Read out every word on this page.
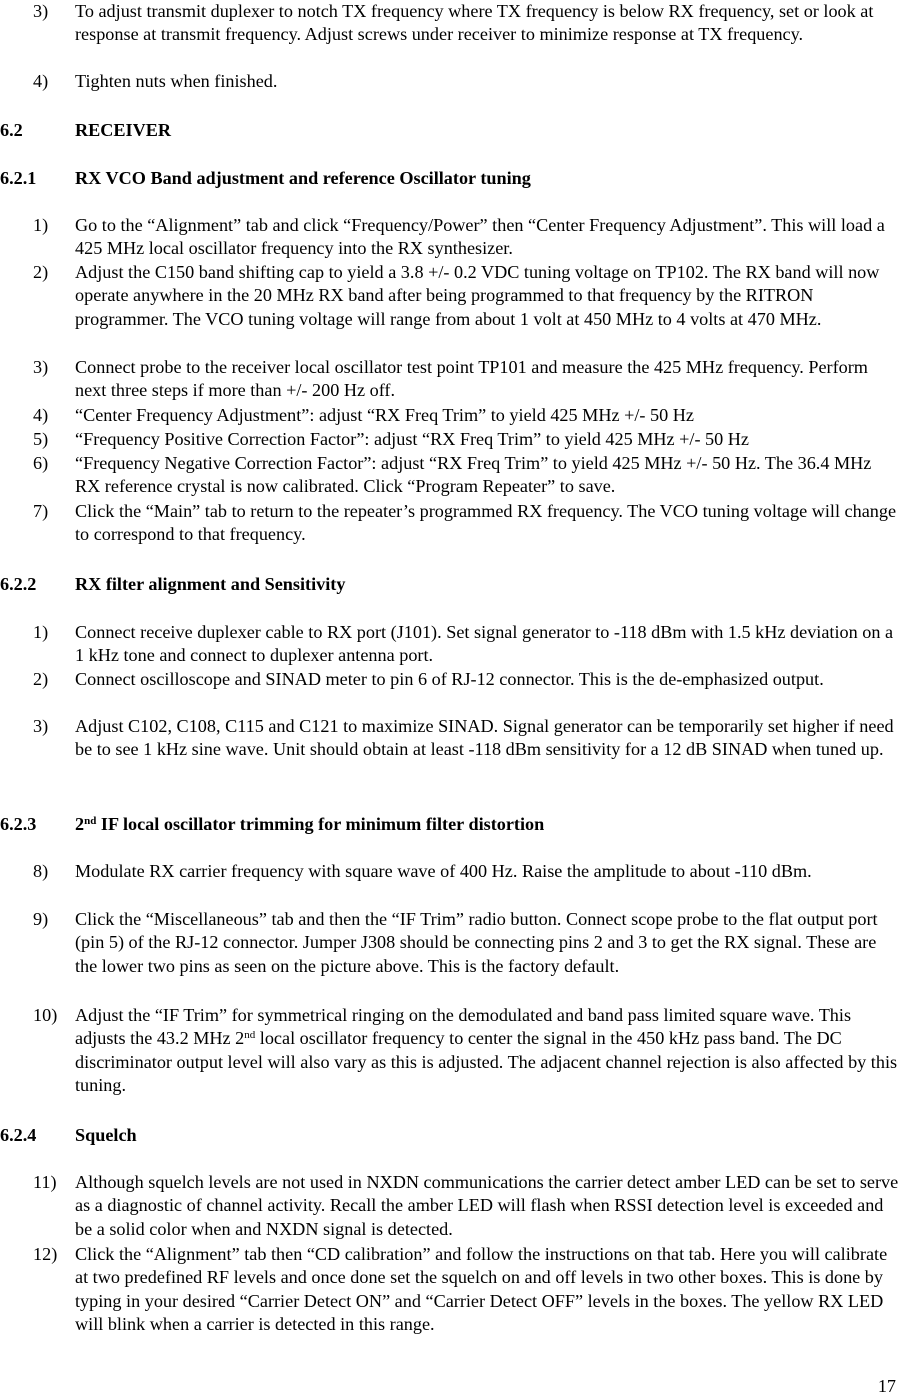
3) To adjust transmit duplexer to notch TX frequency where TX frequency is below RX frequency, set or look at response at transmit frequency. Adjust screws under receiver to minimize response at TX frequency.
4) Tighten nuts when finished.
6.2	RECEIVER
6.2.1 RX VCO Band adjustment and reference Oscillator tuning
1) Go to the “Alignment” tab and click “Frequency/Power” then “Center Frequency Adjustment”. This will load a 425 MHz local oscillator frequency into the RX synthesizer.
2) Adjust the C150 band shifting cap to yield a 3.8 +/- 0.2 VDC tuning voltage on TP102. The RX band will now operate anywhere in the 20 MHz RX band after being programmed to that frequency by the RITRON programmer. The VCO tuning voltage will range from about 1 volt at 450 MHz to 4 volts at 470 MHz.
3) Connect probe to the receiver local oscillator test point TP101 and measure the 425 MHz frequency. Perform next three steps if more than +/- 200 Hz off.
4) “Center Frequency Adjustment”: adjust “RX Freq Trim” to yield 425 MHz +/- 50 Hz
5) “Frequency Positive Correction Factor”: adjust “RX Freq Trim” to yield 425 MHz +/- 50 Hz
6) “Frequency Negative Correction Factor”: adjust “RX Freq Trim” to yield 425 MHz +/- 50 Hz. The 36.4 MHz RX reference crystal is now calibrated. Click “Program Repeater” to save.
7) Click the “Main” tab to return to the repeater’s programmed RX frequency. The VCO tuning voltage will change to correspond to that frequency.
6.2.2 RX filter alignment and Sensitivity
1) Connect receive duplexer cable to RX port (J101). Set signal generator to -118 dBm with 1.5 kHz deviation on a 1 kHz tone and connect to duplexer antenna port.
2) Connect oscilloscope and SINAD meter to pin 6 of RJ-12 connector. This is the de-emphasized output.
3) Adjust C102, C108, C115 and C121 to maximize SINAD. Signal generator can be temporarily set higher if need be to see 1 kHz sine wave. Unit should obtain at least -118 dBm sensitivity for a 12 dB SINAD when tuned up.
6.2.3 2nd IF local oscillator trimming for minimum filter distortion
8) Modulate RX carrier frequency with square wave of 400 Hz. Raise the amplitude to about -110 dBm.
9) Click the “Miscellaneous” tab and then the “IF Trim” radio button. Connect scope probe to the flat output port (pin 5) of the RJ-12 connector. Jumper J308 should be connecting pins 2 and 3 to get the RX signal. These are the lower two pins as seen on the picture above. This is the factory default.
10) Adjust the “IF Trim” for symmetrical ringing on the demodulated and band pass limited square wave. This adjusts the 43.2 MHz 2nd local oscillator frequency to center the signal in the 450 kHz pass band. The DC discriminator output level will also vary as this is adjusted. The adjacent channel rejection is also affected by this tuning.
6.2.4 Squelch
11) Although squelch levels are not used in NXDN communications the carrier detect amber LED can be set to serve as a diagnostic of channel activity. Recall the amber LED will flash when RSSI detection level is exceeded and be a solid color when and NXDN signal is detected.
12) Click the “Alignment” tab then “CD calibration” and follow the instructions on that tab. Here you will calibrate at two predefined RF levels and once done set the squelch on and off levels in two other boxes. This is done by typing in your desired “Carrier Detect ON” and “Carrier Detect OFF” levels in the boxes. The yellow RX LED will blink when a carrier is detected in this range.
17
